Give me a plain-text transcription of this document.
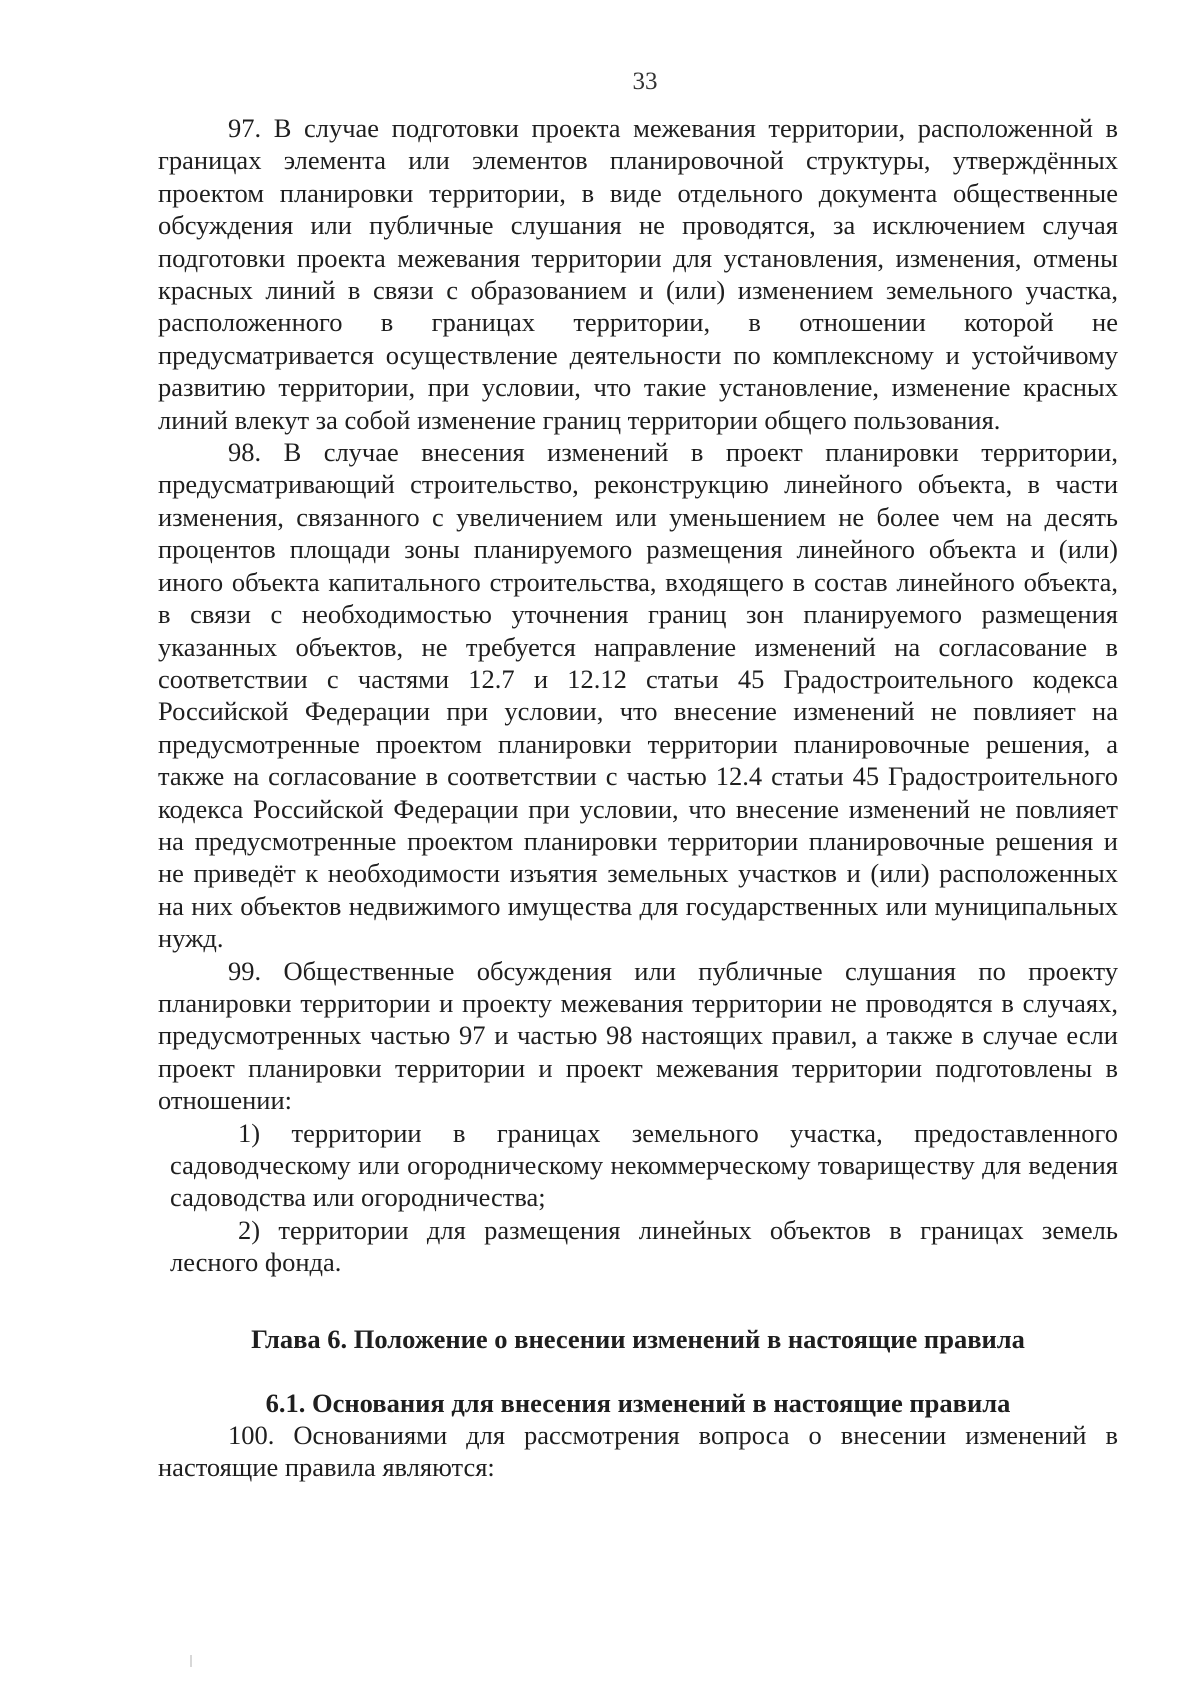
33

97. В случае подготовки проекта межевания территории, расположенной в границах элемента или элементов планировочной структуры, утверждённых проектом планировки территории, в виде отдельного документа общественные обсуждения или публичные слушания не проводятся, за исключением случая подготовки проекта межевания территории для установления, изменения, отмены красных линий в связи с образованием и (или) изменением земельного участка, расположенного в границах территории, в отношении которой не предусматривается осуществление деятельности по комплексному и устойчивому развитию территории, при условии, что такие установление, изменение красных линий влекут за собой изменение границ территории общего пользования.

98. В случае внесения изменений в проект планировки территории, предусматривающий строительство, реконструкцию линейного объекта, в части изменения, связанного с увеличением или уменьшением не более чем на десять процентов площади зоны планируемого размещения линейного объекта и (или) иного объекта капитального строительства, входящего в состав линейного объекта, в связи с необходимостью уточнения границ зон планируемого размещения указанных объектов, не требуется направление изменений на согласование в соответствии с частями 12.7 и 12.12 статьи 45 Градостроительного кодекса Российской Федерации при условии, что внесение изменений не повлияет на предусмотренные проектом планировки территории планировочные решения, а также на согласование в соответствии с частью 12.4 статьи 45 Градостроительного кодекса Российской Федерации при условии, что внесение изменений не повлияет на предусмотренные проектом планировки территории планировочные решения и не приведёт к необходимости изъятия земельных участков и (или) расположенных на них объектов недвижимого имущества для государственных или муниципальных нужд.

99. Общественные обсуждения или публичные слушания по проекту планировки территории и проекту межевания территории не проводятся в случаях, предусмотренных частью 97 и частью 98 настоящих правил, а также в случае если проект планировки территории и проект межевания территории подготовлены в отношении:

1) территории в границах земельного участка, предоставленного садоводческому или огородническому некоммерческому товариществу для ведения садоводства или огородничества;

2) территории для размещения линейных объектов в границах земель лесного фонда.

Глава 6. Положение о внесении изменений в настоящие правила
6.1. Основания для внесения изменений в настоящие правила

100. Основаниями для рассмотрения вопроса о внесении изменений в настоящие правила являются:
